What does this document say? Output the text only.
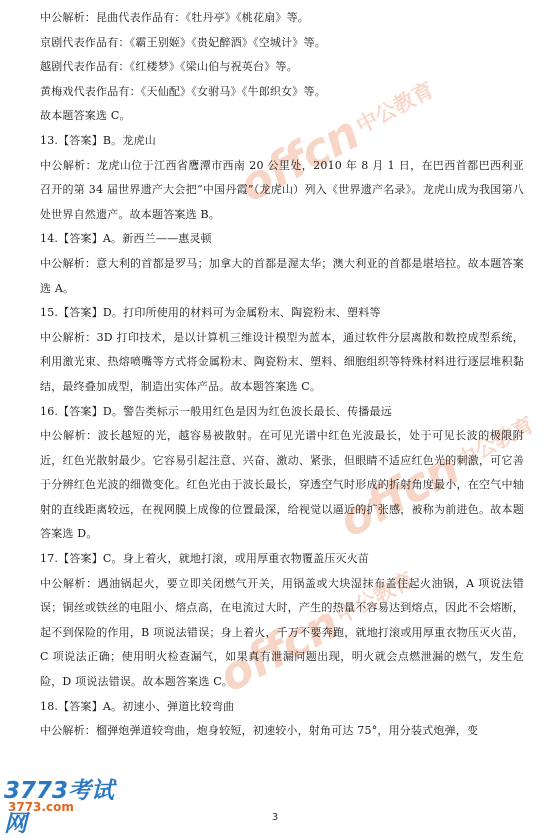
offcn
中公教育
offcn
中公教育
offcn
中公教育

中公解析：昆曲代表作品有：《牡丹亭》《桃花扇》等。

京剧代表作品有：《霸王别姬》《贵妃醉酒》《空城计》等。

越剧代表作品有：《红楼梦》《梁山伯与祝英台》等。

黄梅戏代表作品有：《天仙配》《女驸马》《牛郎织女》等。

故本题答案选 C。

13.【答案】B。龙虎山

中公解析：龙虎山位于江西省鹰潭市西南 20 公里处，2010 年 8 月 1 日，在巴西首都巴西利亚召开的第 34 届世界遗产大会把“中国丹霞”（龙虎山）列入《世界遗产名录》。龙虎山成为我国第八处世界自然遗产。故本题答案选 B。

14.【答案】A。新西兰——惠灵顿

中公解析：意大利的首都是罗马；加拿大的首都是渥太华；澳大利亚的首都是堪培拉。故本题答案选 A。

15.【答案】D。打印所使用的材料可为金属粉末、陶瓷粉末、塑料等

中公解析：3D 打印技术，是以计算机三维设计模型为蓝本，通过软件分层离散和数控成型系统，利用激光束、热熔喷嘴等方式将金属粉末、陶瓷粉末、塑料、细胞组织等特殊材料进行逐层堆积黏结，最终叠加成型，制造出实体产品。故本题答案选 C。

16.【答案】D。警告类标示一般用红色是因为红色波长最长、传播最远

中公解析：波长越短的光，越容易被散射。在可见光谱中红色光波最长，处于可见长波的极限附近，红色光散射最少。它容易引起注意、兴奋、激动、紧张，但眼睛不适应红色光的刺激，可它善于分辨红色光波的细微变化。红色光由于波长最长，穿透空气时形成的折射角度最小，在空气中轴射的直线距离较远，在视网膜上成像的位置最深，给视觉以逼近的扩张感，被称为前进色。故本题答案选 D。

17.【答案】C。身上着火，就地打滚，或用厚重衣物覆盖压灭火苗

中公解析：遇油锅起火，要立即关闭燃气开关，用锅盖或大块湿抹布盖住起火油锅，A 项说法错误；铜丝或铁丝的电阻小、熔点高，在电流过大时，产生的热量不容易达到熔点，因此不会熔断，起不到保险的作用，B 项说法错误；身上着火，千万不要奔跑，就地打滚或用厚重衣物压灭火苗，C 项说法正确；使用明火检查漏气，如果真有泄漏问题出现，明火就会点燃泄漏的燃气，发生危险，D 项说法错误。故本题答案选 C。

18.【答案】A。初速小、弹道比较弯曲

中公解析：榴弹炮弹道较弯曲，炮身较短，初速较小，射角可达 75°，用分装式炮弹，变

3773考试网
3773.com
3
